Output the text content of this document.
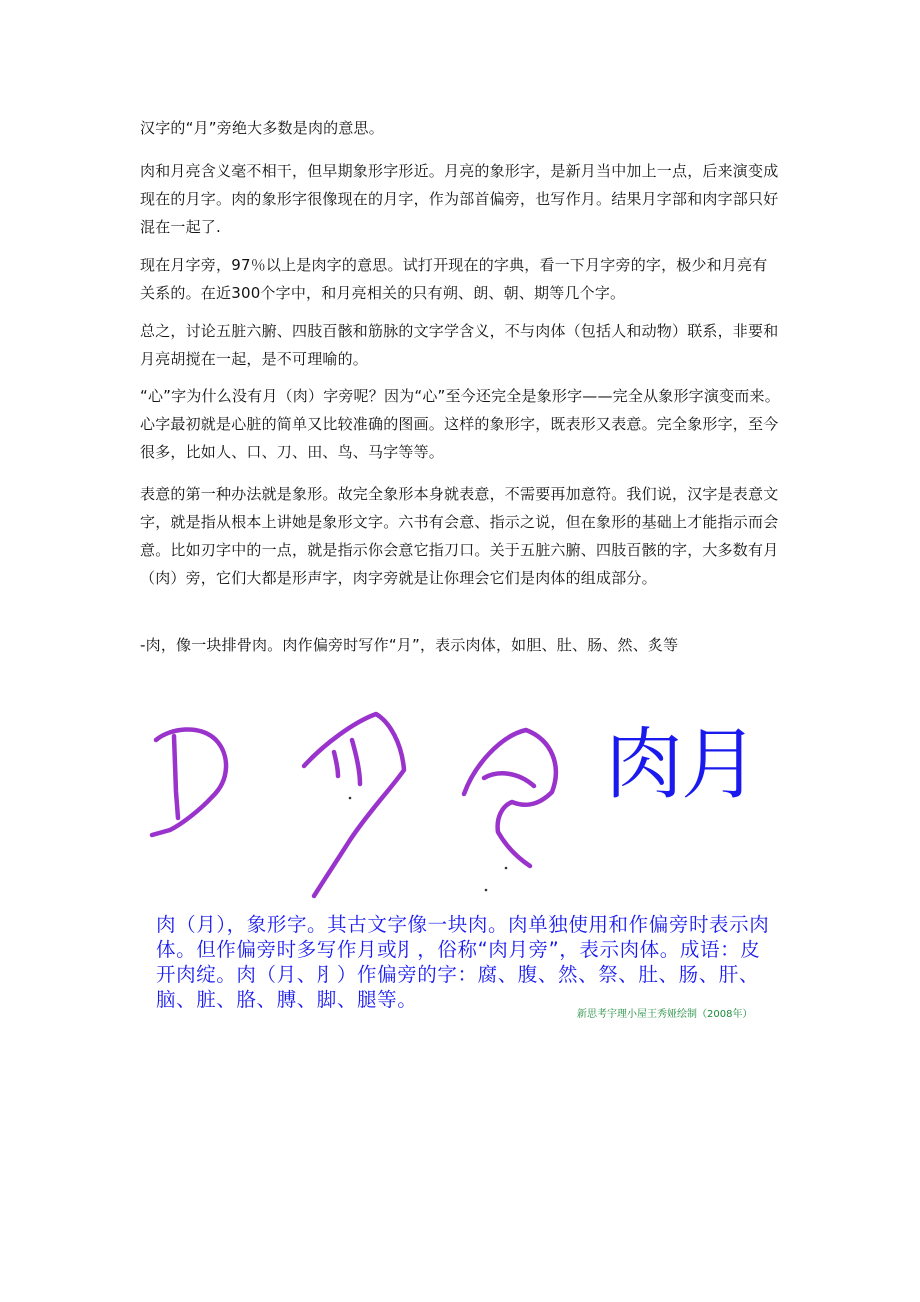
汉字的“月”旁绝大多数是肉的意思。

肉和月亮含义毫不相干，但早期象形字形近。月亮的象形字，是新月当中加上一点，后来演变成现在的月字。肉的象形字很像现在的月字，作为部首偏旁，也写作月。结果月字部和肉字部只好混在一起了.

现在月字旁，97％以上是肉字的意思。试打开现在的字典，看一下月字旁的字，极少和月亮有关系的。在近300个字中，和月亮相关的只有朔、朗、朝、期等几个字。

总之，讨论五脏六腑、四肢百骸和筋脉的文字学含义，不与肉体（包括人和动物）联系，非要和月亮胡搅在一起，是不可理喻的。

“心”字为什么没有月（肉）字旁呢？因为“心”至今还完全是象形字——完全从象形字演变而来。心字最初就是心脏的简单又比较准确的图画。这样的象形字，既表形又表意。完全象形字，至今很多，比如人、口、刀、田、鸟、马字等等。

表意的第一种办法就是象形。故完全象形本身就表意，不需要再加意符。我们说，汉字是表意文字，就是指从根本上讲她是象形文字。六书有会意、指示之说，但在象形的基础上才能指示而会意。比如刃字中的一点，就是指示你会意它指刀口。关于五脏六腑、四肢百骸的字，大多数有月（肉）旁，它们大都是形声字，肉字旁就是让你理会它们是肉体的组成部分。

-肉，像一块排骨肉。肉作偏旁时写作“月”，表示肉体，如胆、肚、肠、然、炙等

肉月

肉（月），象形字。其古文字像一块肉。肉单独使用和作偏旁时表示肉体。但作偏旁时多写作月或⺼，俗称“肉月旁”，表示肉体。成语：皮开肉绽。肉（月、⺼）作偏旁的字：腐、腹、然、祭、肚、肠、肝、脑、脏、胳、膊、脚、腿等。

新思考宇理小屋王秀娅绘制（2008年）
